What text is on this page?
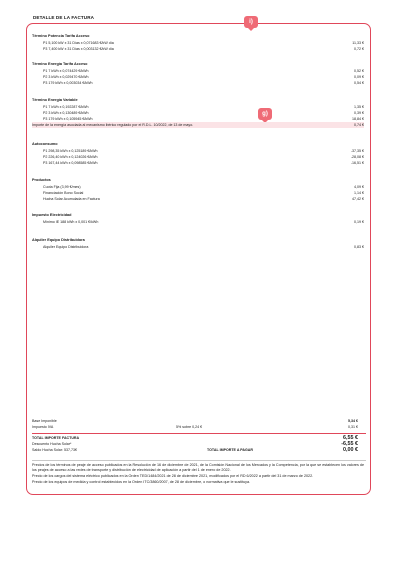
DETALLE DE LA FACTURA
i)
g)
Término Potencia Tarifa Acceso
P1 5,100 kW x 31 Días x 0,071683 €/kW día	11,33 €
P3 7,400 kW x 31 Días x 0,003132 €/kW día	0,72 €
Término Energía Tarifa Acceso
P1 7 kWh x 0,074429 €/kWh	0,52 €
P2 3 kWh x 0,029470 €/kWh	0,09 €
P3 179 kWh x 0,003034 €/kWh	0,54 €
Término Energía Variable
P1 7 kWh x 0,192287 €/kWh	1,35 €
P2 3 kWh x 0,130489 €/kWh	0,39 €
P3 179 kWh x 0,105945 €/kWh	18,84 €
Importe de la energía asociada al mecanismo ibérico regulado por el R.D.L. 10/2022, de 13 de mayo.	0,74 €
Autoconsumo
P1 298,35 kWh x 0,125189 €/kWh	-37,35 €
P2 226,40 kWh x 0,124026 €/kWh	-28,08 €
P3 167,44 kWh x 0,098585 €/kWh	-16,51 €
Productos
Cuota Fija (3,99 €/mes)	4,09 €
Financiación Bono Social	1,14 €
Hucha Solar Acumulada en Factura	47,42 €
Impuesto Electricidad
Mínimo IE 188 kWh x 0,001 €/kWh	0,19 €
Alquiler Equipo Distribuidora
Alquiler Equipo Distribuidora	0,83 €
Base Imponible	5,34 €
Impuesto IVA	5% sobre 0,24 €	0,31 €
TOTAL IMPORTE FACTURA	6,55 €
Descuento Hucha Solar*	-6,55 €
Saldo Hucha Solar: 537,73€	TOTAL IMPORTE A PAGAR	0,00 €

Precios de los términos de peaje de acceso publicados en la Resolución de 16 de diciembre de 2021, de la Comisión Nacional de los Mercados y la Competencia, por la que se establecen los valores de los peajes de acceso a las redes de transporte y distribución de electricidad de aplicación a partir del 1 de enero de 2022.

Precio de los cargos del sistema eléctrico publicados en la Orden TED/1484/2021 de 28 de diciembre 2021, modificados por el RD 6/2022 a partir del 31 de marzo de 2022.

Precio de los equipos de medida y control establecidos en la Orden ITC/3860/2007, de 28 de diciembre, o normativa que le sustituya.
